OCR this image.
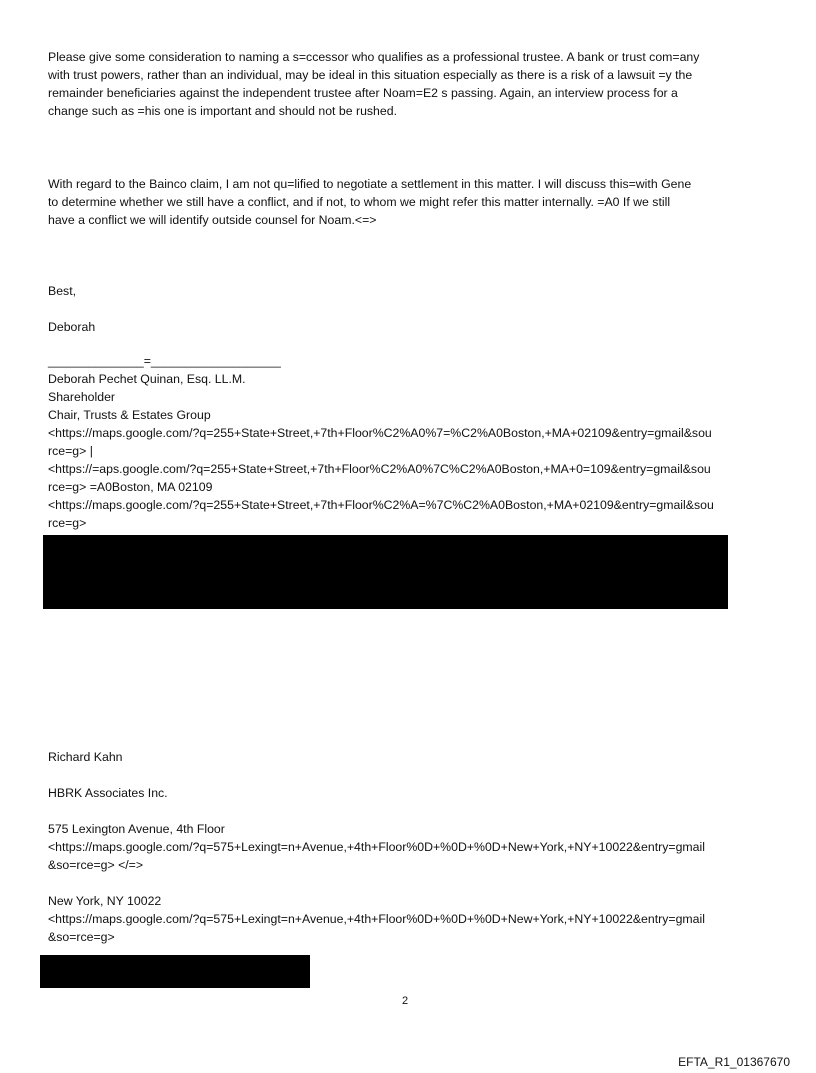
Please give some consideration to naming a s=ccessor who qualifies as a professional trustee. A bank or trust com=any
with trust powers, rather than an individual, may be ideal in this situation especially as there is a risk of a lawsuit =y the
remainder beneficiaries against the independent trustee after Noam=E2 s passing. Again, an interview process for a
change such as =his one is important and should not be rushed.
With regard to the Bainco claim, I am not qu=lified to negotiate a settlement in this matter. I will discuss this=with Gene
to determine whether we still have a conflict, and if not, to whom we might refer this matter internally. =A0 If we still
have a conflict we will identify outside counsel for Noam.<=>
Best,
Deborah
______________=___________________
Deborah Pechet Quinan, Esq. LL.M.
Shareholder
Chair, Trusts & Estates Group
<https://maps.google.com/?q=255+State+Street,+7th+Floor%C2%A0%7=%C2%A0Boston,+MA+02109&entry=gmail&sou
rce=g> |
<https://=aps.google.com/?q=255+State+Street,+7th+Floor%C2%A0%7C%C2%A0Boston,+MA+0=109&entry=gmail&sou
rce=g> =A0Boston, MA 02109
<https://maps.google.com/?q=255+State+Street,+7th+Floor%C2%A=%7C%C2%A0Boston,+MA+02109&entry=gmail&sou
rce=g>
Richard Kahn
HBRK Associates Inc.
575 Lexington Avenue, 4th Floor
<https://maps.google.com/?q=575+Lexingt=n+Avenue,+4th+Floor%0D+%0D+%0D+New+York,+NY+10022&entry=gmail
&so=rce=g> </=>
New York, NY 10022
<https://maps.google.com/?q=575+Lexingt=n+Avenue,+4th+Floor%0D+%0D+%0D+New+York,+NY+10022&entry=gmail
&so=rce=g>
2
EFTA_R1_01367670
